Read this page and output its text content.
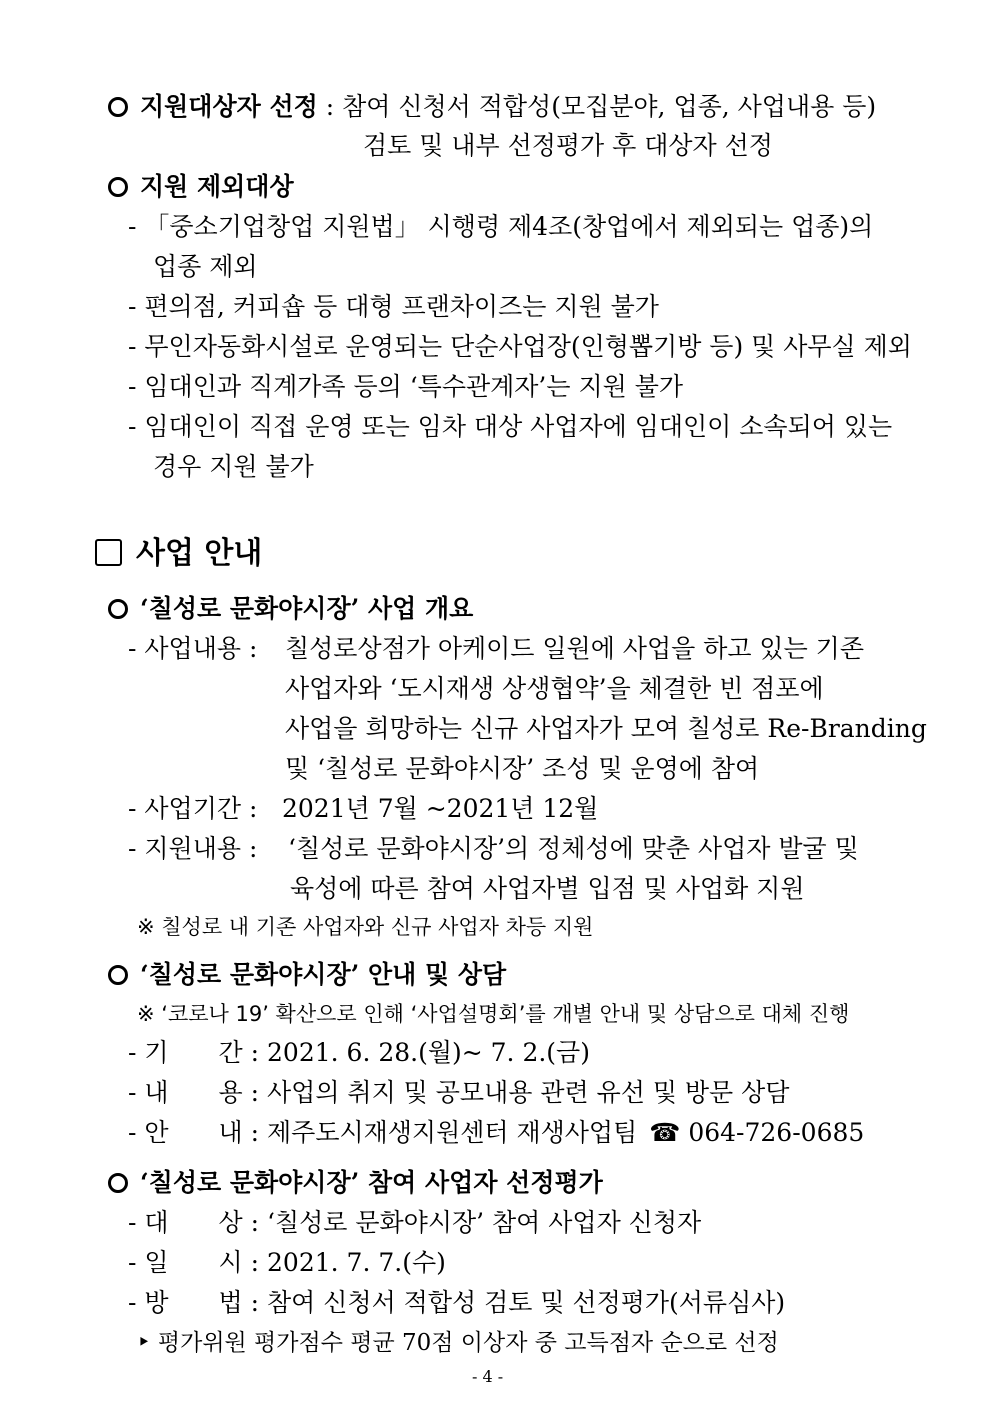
지원대상자 선정 : 참여 신청서 적합성(모집분야, 업종, 사업내용 등)
검토 및 내부 선정평가 후 대상자 선정
지원 제외대상
- 「중소기업창업 지원법」 시행령 제4조(창업에서 제외되는 업종)의
업종 제외
- 편의점, 커피숍 등 대형 프랜차이즈는 지원 불가
- 무인자동화시설로 운영되는 단순사업장(인형뽑기방 등) 및 사무실 제외
- 임대인과 직계가족 등의 ‘특수관계자’는 지원 불가
- 임대인이 직접 운영 또는 임차 대상 사업자에 임대인이 소속되어 있는
경우 지원 불가
사업 안내
‘칠성로 문화야시장’ 사업 개요
- 사업내용 : 칠성로상점가 아케이드 일원에 사업을 하고 있는 기존
사업자와 ‘도시재생 상생협약’을 체결한 빈 점포에
사업을 희망하는 신규 사업자가 모여 칠성로 Re-Branding
및 ‘칠성로 문화야시장’ 조성 및 운영에 참여
- 사업기간 : 2021년 7월 ~2021년 12월
- 지원내용 : ‘칠성로 문화야시장’의 정체성에 맞춘 사업자 발굴 및
육성에 따른 참여 사업자별 입점 및 사업화 지원
※ 칠성로 내 기존 사업자와 신규 사업자 차등 지원
‘칠성로 문화야시장’ 안내 및 상담
※ ‘코로나 19’ 확산으로 인해 ‘사업설명회’를 개별 안내 및 상담으로 대체 진행
- 기　　간 : 2021. 6. 28.(월)~ 7. 2.(금)
- 내　　용 : 사업의 취지 및 공모내용 관련 유선 및 방문 상담
- 안　　내 : 제주도시재생지원센터 재생사업팀 ☎ 064-726-0685
‘칠성로 문화야시장’ 참여 사업자 선정평가
- 대　　상 : ‘칠성로 문화야시장’ 참여 사업자 신청자
- 일　　시 : 2021. 7. 7.(수)
- 방　　법 : 참여 신청서 적합성 검토 및 선정평가(서류심사)
‣ 평가위원 평가점수 평균 70점 이상자 중 고득점자 순으로 선정
- 4 -
